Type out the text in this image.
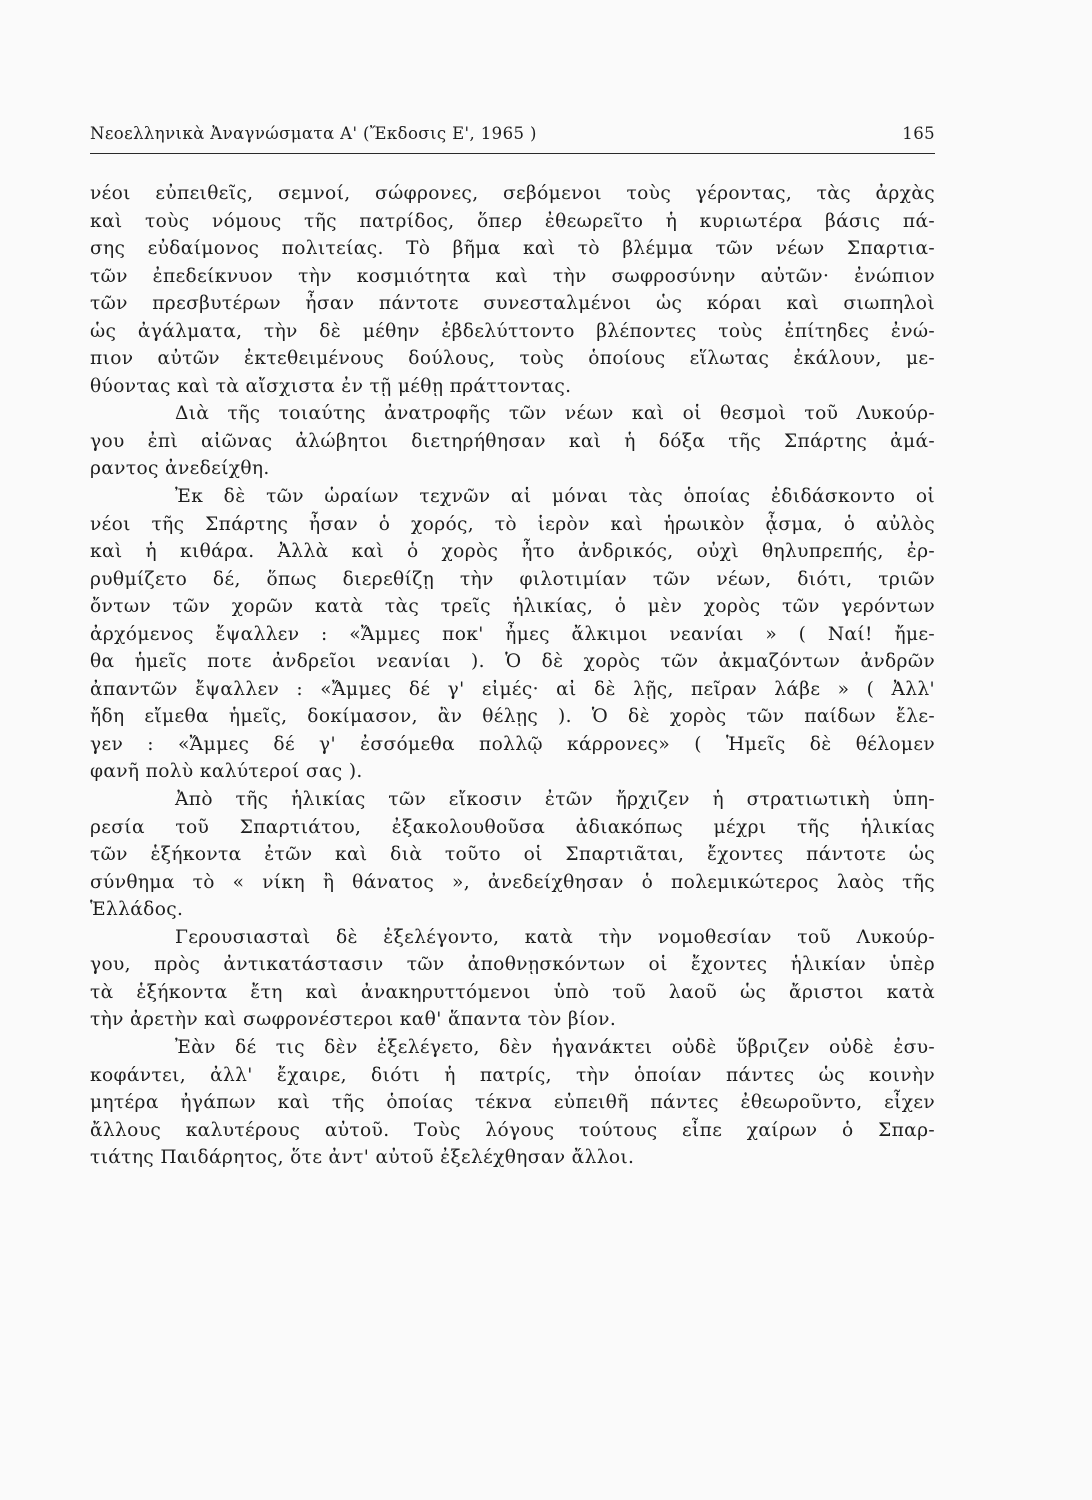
Νεοελληνικὰ Ἀναγνώσματα Α' (Ἔκδοσις Ε', 1965 )	165

νέοι εὐπειθεῖς, σεμνοί, σώφρονες, σεβόμενοι τοὺς γέροντας, τὰς ἀρχὰς
καὶ τοὺς νόμους τῆς πατρίδος, ὅπερ ἐθεωρεῖτο ἡ κυριωτέρα βάσις πά-
σης εὐδαίμονος πολιτείας. Τὸ βῆμα καὶ τὸ βλέμμα τῶν νέων Σπαρτια-
τῶν ἐπεδείκνυον τὴν κοσμιότητα καὶ τὴν σωφροσύνην αὐτῶν· ἐνώπιον
τῶν πρεσβυτέρων ἦσαν πάντοτε συνεσταλμένοι ὡς κόραι καὶ σιωπηλοὶ
ὡς ἀγάλματα, τὴν δὲ μέθην ἐβδελύττοντο βλέποντες τοὺς ἐπίτηδες ἐνώ-
πιον αὐτῶν ἐκτεθειμένους δούλους, τοὺς ὁποίους εἵλωτας ἐκάλουν, με-
θύοντας καὶ τὰ αἴσχιστα ἐν τῇ μέθῃ πράττοντας.

Διὰ τῆς τοιαύτης ἀνατροφῆς τῶν νέων καὶ οἱ θεσμοὶ τοῦ Λυκούρ-
γου ἐπὶ αἰῶνας ἀλώβητοι διετηρήθησαν καὶ ἡ δόξα τῆς Σπάρτης ἀμά-
ραντος ἀνεδείχθη.

Ἐκ δὲ τῶν ὡραίων τεχνῶν αἱ μόναι τὰς ὁποίας ἐδιδάσκοντο οἱ
νέοι τῆς Σπάρτης ἦσαν ὁ χορός, τὸ ἱερὸν καὶ ἡρωικὸν ᾆσμα, ὁ αὐλὸς
καὶ ἡ κιθάρα. Ἀλλὰ καὶ ὁ χορὸς ἦτο ἀνδρικός, οὐχὶ θηλυπρεπής, ἐρ-
ρυθμίζετο δέ, ὅπως διερεθίζῃ τὴν φιλοτιμίαν τῶν νέων, διότι, τριῶν
ὄντων τῶν χορῶν κατὰ τὰς τρεῖς ἡλικίας, ὁ μὲν χορὸς τῶν γερόντων
ἀρχόμενος ἔψαλλεν : «Ἄμμες ποκ' ἦμες ἄλκιμοι νεανίαι » ( Ναί! ἤμε-
θα ἡμεῖς ποτε ἀνδρεῖοι νεανίαι ). Ὁ δὲ χορὸς τῶν ἀκμαζόντων ἀνδρῶν
ἀπαντῶν ἔψαλλεν : «Ἄμμες δέ γ' εἰμές· αἰ δὲ λῇς, πεῖραν λάβε » ( Ἀλλ'
ἤδη εἴμεθα ἡμεῖς, δοκίμασον, ἂν θέλῃς ). Ὁ δὲ χορὸς τῶν παίδων ἔλε-
γεν : «Ἄμμες δέ γ' ἐσσόμεθα πολλῷ κάρρονες» ( Ἡμεῖς δὲ θέλομεν
φανῆ πολὺ καλύτεροί σας ).

Ἀπὸ τῆς ἡλικίας τῶν εἴκοσιν ἐτῶν ἤρχιζεν ἡ στρατιωτικὴ ὑπη-
ρεσία τοῦ Σπαρτιάτου, ἐξακολουθοῦσα ἀδιακόπως μέχρι τῆς ἡλικίας
τῶν ἑξήκοντα ἐτῶν καὶ διὰ τοῦτο οἱ Σπαρτιᾶται, ἔχοντες πάντοτε ὡς
σύνθημα τὸ « νίκη ἢ θάνατος », ἀνεδείχθησαν ὁ πολεμικώτερος λαὸς τῆς
Ἑλλάδος.

Γερουσιασταὶ δὲ ἐξελέγοντο, κατὰ τὴν νομοθεσίαν τοῦ Λυκούρ-
γου, πρὸς ἀντικατάστασιν τῶν ἀποθνῃσκόντων οἱ ἔχοντες ἡλικίαν ὑπὲρ
τὰ ἑξήκοντα ἔτη καὶ ἀνακηρυττόμενοι ὑπὸ τοῦ λαοῦ ὡς ἄριστοι κατὰ
τὴν ἀρετὴν καὶ σωφρονέστεροι καθ' ἅπαντα τὸν βίον.

Ἐὰν δέ τις δὲν ἐξελέγετο, δὲν ἠγανάκτει οὐδὲ ὕβριζεν οὐδὲ ἐσυ-
κοφάντει, ἀλλ' ἔχαιρε, διότι ἡ πατρίς, τὴν ὁποίαν πάντες ὡς κοινὴν
μητέρα ἠγάπων καὶ τῆς ὁποίας τέκνα εὐπειθῆ πάντες ἐθεωροῦντο, εἶχεν
ἄλλους καλυτέρους αὐτοῦ. Τοὺς λόγους τούτους εἶπε χαίρων ὁ Σπαρ-
τιάτης Παιδάρητος, ὅτε ἀντ' αὐτοῦ ἐξελέχθησαν ἄλλοι.
